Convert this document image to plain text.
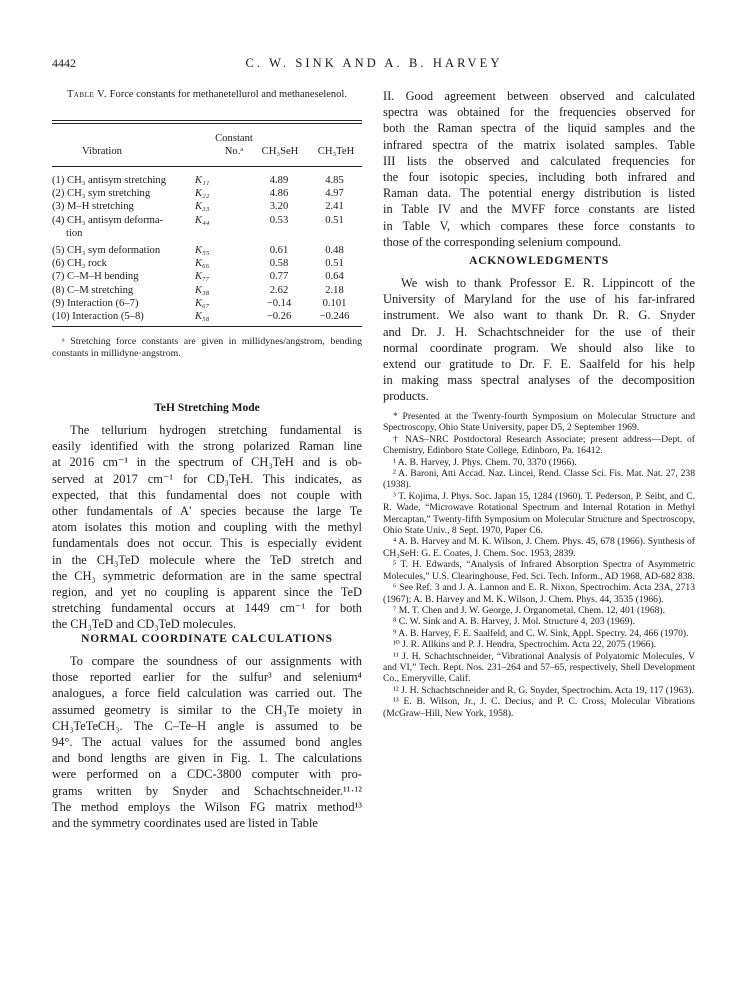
4442	C. W. SINK AND A. B. HARVEY
Table V. Force constants for methanetellurol and methaneselenol.
Vibration
Constant
No.ᵃ	CH₃SeH	CH₃TeH
(1) CH₃ antisym stretching	K₁₁	4.89	4.85
(2) CH₃ sym stretching	K₂₂	4.86	4.97
(3) M–H stretching	K₃₃	3.20	2.41

(4) CH₃ antisym deforma-
tion	K₄₄	0.53	0.51

(5) CH₃ sym deformation	K₅₅	0.61	0.48
(6) CH₃ rock	K₆₆	0.58	0.51
(7) C–M–H bending	K₇₇	0.77	0.64
(8) C–M stretching	K₃₈	2.62	2.18
(9) Interaction (6–7)	K₆₇	−0.14	0.101
(10) Interaction (5–8)	K₅₈	−0.26	−0.246
ᵃ Stretching force constants are given in millidynes/angstrom, bending constants in millidyne·angstrom.
TeH Stretching Mode
The tellurium hydrogen stretching fundamental is
easily identified with the strong polarized Raman line
at 2016 cm⁻¹ in the spectrum of CH₃TeH and is ob-
served at 2017 cm⁻¹ for CD₃TeH. This indicates, as
expected, that this fundamental does not couple with
other fundamentals of A′ species because the large Te
atom isolates this motion and coupling with the methyl
fundamentals does not occur. This is especially evident
in the CH₃TeD molecule where the TeD stretch and
the CH₃ symmetric deformation are in the same spectral
region, and yet no coupling is apparent since the TeD
stretching fundamental occurs at 1449 cm⁻¹ for both
the CH₃TeD and CD₃TeD molecules.
NORMAL COORDINATE CALCULATIONS
To compare the soundness of our assignments with
those reported earlier for the sulfur³ and selenium⁴
analogues, a force field calculation was carried out. The
assumed geometry is similar to the CH₃Te moiety in
CH₃TeTeCH₃. The C–Te–H angle is assumed to be
94°. The actual values for the assumed bond angles
and bond lengths are given in Fig. 1. The calculations
were performed on a CDC-3800 computer with pro-
grams written by Snyder and Schachtschneider.¹¹·¹²
The method employs the Wilson FG matrix method¹³
and the symmetry coordinates used are listed in Table
II. Good agreement between observed and calculated
spectra was obtained for the frequencies observed for
both the Raman spectra of the liquid samples and the
infrared spectra of the matrix isolated samples. Table
III lists the observed and calculated frequencies for
the four isotopic species, including both infrared and
Raman data. The potential energy distribution is listed
in Table IV and the MVFF force constants are listed
in Table V, which compares these force constants to
those of the corresponding selenium compound.
ACKNOWLEDGMENTS
We wish to thank Professor E. R. Lippincott of the
University of Maryland for the use of his far-infrared
instrument. We also want to thank Dr. R. G. Snyder
and Dr. J. H. Schachtschneider for the use of their
normal coordinate program. We should also like to
extend our gratitude to Dr. F. E. Saalfeld for his help
in making mass spectral analyses of the decomposition
products.

* Presented at the Twenty-fourth Symposium on Molecular Structure and Spectroscopy, Ohio State University, paper D5, 2 September 1969.

† NAS–NRC Postdoctoral Research Associate; present address—Dept. of Chemistry, Edinboro State College, Edinboro, Pa. 16412.

¹ A. B. Harvey, J. Phys. Chem. 70, 3370 (1966).

² A. Baroni, Atti Accad. Naz. Lincei, Rend. Classe Sci. Fis. Mat. Nat. 27, 238 (1938).

³ T. Kojima, J. Phys. Soc. Japan 15, 1284 (1960). T. Pederson, P. Seibt, and C. R. Wade, “Microwave Rotational Spectrum and Internal Rotation in Methyl Mercaptan,” Twenty-fifth Symposium on Molecular Structure and Spectroscopy, Ohio State Univ., 8 Sept. 1970, Paper C6.

⁴ A. B. Harvey and M. K. Wilson, J. Chem. Phys. 45, 678 (1966). Synthesis of CH₃SeH: G. E. Coates, J. Chem. Soc. 1953, 2839.

⁵ T. H. Edwards, “Analysis of Infrared Absorption Spectra of Asymmetric Molecules,” U.S. Clearinghouse, Fed. Sci. Tech. Inform., AD 1968, AD-682 838.

⁶ See Ref. 3 and J. A. Lannon and E. R. Nixon, Spectrochim. Acta 23A, 2713 (1967); A. B. Harvey and M. K. Wilson, J. Chem. Phys. 44, 3535 (1966).

⁷ M. T. Chen and J. W. George, J. Organometal. Chem. 12, 401 (1968).

⁸ C. W. Sink and A. B. Harvey, J. Mol. Structure 4, 203 (1969).

⁹ A. B. Harvey, F. E. Saalfeld, and C. W. Sink, Appl. Spectry. 24, 466 (1970).

¹⁰ J. R. Allkins and P. J. Hendra, Spectrochim. Acta 22, 2075 (1966).

¹¹ J. H. Schachtschneider, “Vibrational Analysis of Polyatomic Molecules, V and VI,” Tech. Rept. Nos. 231–264 and 57–65, respectively, Shell Development Co., Emeryville, Calif.

¹² J. H. Schachtschneider and R. G. Snyder, Spectrochim. Acta 19, 117 (1963).

¹³ E. B. Wilson, Jr., J. C. Decius, and P. C. Cross, Molecular Vibrations (McGraw–Hill, New York, 1958).
